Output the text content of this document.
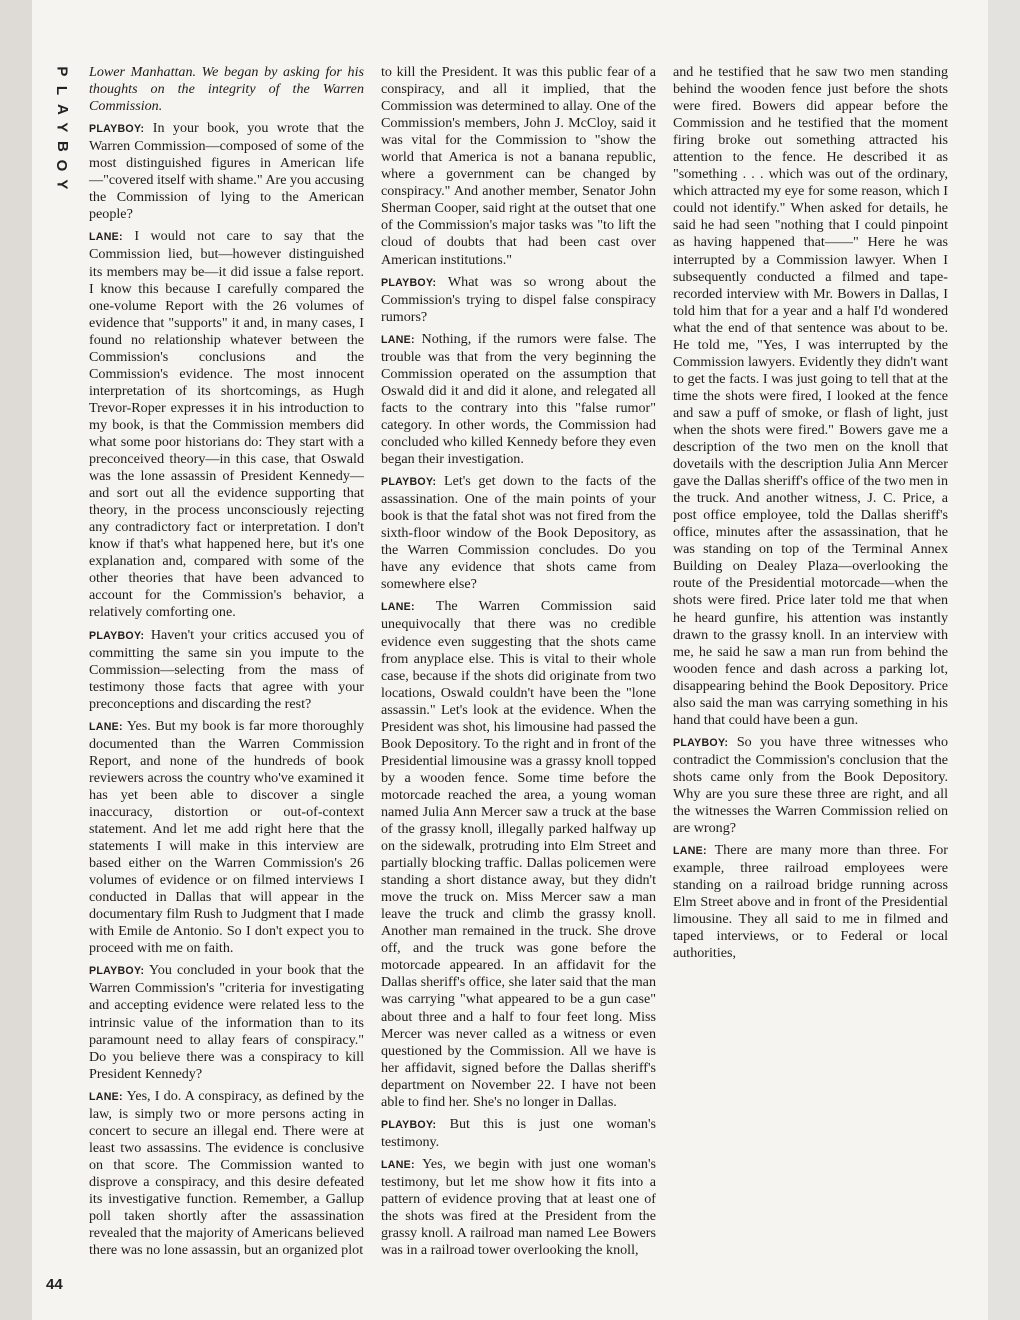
P
L
A
Y
B
O
Y
44

Lower Manhattan. We began by asking for his thoughts on the integrity of the Warren Commission.

PLAYBOY: In your book, you wrote that the Warren Commission—composed of some of the most distinguished figures in American life—"covered itself with shame." Are you accusing the Commission of lying to the American people?

LANE: I would not care to say that the Commission lied, but—however distinguished its members may be—it did issue a false report. I know this because I carefully compared the one-volume Report with the 26 volumes of evidence that "supports" it and, in many cases, I found no relationship whatever between the Commission's conclusions and the Commission's evidence. The most innocent interpretation of its shortcomings, as Hugh Trevor-Roper expresses it in his introduction to my book, is that the Commission members did what some poor historians do: They start with a preconceived theory—in this case, that Oswald was the lone assassin of President Kennedy—and sort out all the evidence supporting that theory, in the process unconsciously rejecting any contradictory fact or interpretation. I don't know if that's what happened here, but it's one explanation and, compared with some of the other theories that have been advanced to account for the Commission's behavior, a relatively comforting one.

PLAYBOY: Haven't your critics accused you of committing the same sin you impute to the Commission—selecting from the mass of testimony those facts that agree with your preconceptions and discarding the rest?

LANE: Yes. But my book is far more thoroughly documented than the Warren Commission Report, and none of the hundreds of book reviewers across the country who've examined it has yet been able to discover a single inaccuracy, distortion or out-of-context statement. And let me add right here that the statements I will make in this interview are based either on the Warren Commission's 26 volumes of evidence or on filmed interviews I conducted in Dallas that will appear in the documentary film Rush to Judgment that I made with Emile de Antonio. So I don't expect you to proceed with me on faith.

PLAYBOY: You concluded in your book that the Warren Commission's "criteria for investigating and accepting evidence were related less to the intrinsic value of the information than to its paramount need to allay fears of conspiracy." Do you believe there was a conspiracy to kill President Kennedy?

LANE: Yes, I do. A conspiracy, as defined by the law, is simply two or more persons acting in concert to secure an illegal end. There were at least two assassins. The evidence is conclusive on that score. The Commission wanted to disprove a conspiracy, and this desire defeated its investigative function. Remember, a Gallup poll taken shortly after the assassination revealed that the majority of Americans believed there was no lone assassin, but an organized plot

to kill the President. It was this public fear of a conspiracy, and all it implied, that the Commission was determined to allay. One of the Commission's members, John J. McCloy, said it was vital for the Commission to "show the world that America is not a banana republic, where a government can be changed by conspiracy." And another member, Senator John Sherman Cooper, said right at the outset that one of the Commission's major tasks was "to lift the cloud of doubts that had been cast over American institutions."

PLAYBOY: What was so wrong about the Commission's trying to dispel false conspiracy rumors?

LANE: Nothing, if the rumors were false. The trouble was that from the very beginning the Commission operated on the assumption that Oswald did it and did it alone, and relegated all facts to the contrary into this "false rumor" category. In other words, the Commission had concluded who killed Kennedy before they even began their investigation.

PLAYBOY: Let's get down to the facts of the assassination. One of the main points of your book is that the fatal shot was not fired from the sixth-floor window of the Book Depository, as the Warren Commission concludes. Do you have any evidence that shots came from somewhere else?

LANE: The Warren Commission said unequivocally that there was no credible evidence even suggesting that the shots came from anyplace else. This is vital to their whole case, because if the shots did originate from two locations, Oswald couldn't have been the "lone assassin." Let's look at the evidence. When the President was shot, his limousine had passed the Book Depository. To the right and in front of the Presidential limousine was a grassy knoll topped by a wooden fence. Some time before the motorcade reached the area, a young woman named Julia Ann Mercer saw a truck at the base of the grassy knoll, illegally parked halfway up on the sidewalk, protruding into Elm Street and partially blocking traffic. Dallas policemen were standing a short distance away, but they didn't move the truck on. Miss Mercer saw a man leave the truck and climb the grassy knoll. Another man remained in the truck. She drove off, and the truck was gone before the motorcade appeared. In an affidavit for the Dallas sheriff's office, she later said that the man was carrying "what appeared to be a gun case" about three and a half to four feet long. Miss Mercer was never called as a witness or even questioned by the Commission. All we have is her affidavit, signed before the Dallas sheriff's department on November 22. I have not been able to find her. She's no longer in Dallas.

PLAYBOY: But this is just one woman's testimony.

LANE: Yes, we begin with just one woman's testimony, but let me show how it fits into a pattern of evidence proving that at least one of the shots was fired at the President from the grassy knoll. A railroad man named Lee Bowers was in a railroad tower overlooking the knoll,

and he testified that he saw two men standing behind the wooden fence just before the shots were fired. Bowers did appear before the Commission and he testified that the moment firing broke out something attracted his attention to the fence. He described it as "something . . . which was out of the ordinary, which attracted my eye for some reason, which I could not identify." When asked for details, he said he had seen "nothing that I could pinpoint as having happened that——" Here he was interrupted by a Commission lawyer. When I subsequently conducted a filmed and tape-recorded interview with Mr. Bowers in Dallas, I told him that for a year and a half I'd wondered what the end of that sentence was about to be. He told me, "Yes, I was interrupted by the Commission lawyers. Evidently they didn't want to get the facts. I was just going to tell that at the time the shots were fired, I looked at the fence and saw a puff of smoke, or flash of light, just when the shots were fired." Bowers gave me a description of the two men on the knoll that dovetails with the description Julia Ann Mercer gave the Dallas sheriff's office of the two men in the truck. And another witness, J. C. Price, a post office employee, told the Dallas sheriff's office, minutes after the assassination, that he was standing on top of the Terminal Annex Building on Dealey Plaza—overlooking the route of the Presidential motorcade—when the shots were fired. Price later told me that when he heard gunfire, his attention was instantly drawn to the grassy knoll. In an interview with me, he said he saw a man run from behind the wooden fence and dash across a parking lot, disappearing behind the Book Depository. Price also said the man was carrying something in his hand that could have been a gun.

PLAYBOY: So you have three witnesses who contradict the Commission's conclusion that the shots came only from the Book Depository. Why are you sure these three are right, and all the witnesses the Warren Commission relied on are wrong?

LANE: There are many more than three. For example, three railroad employees were standing on a railroad bridge running across Elm Street above and in front of the Presidential limousine. They all said to me in filmed and taped interviews, or to Federal or local authorities,
